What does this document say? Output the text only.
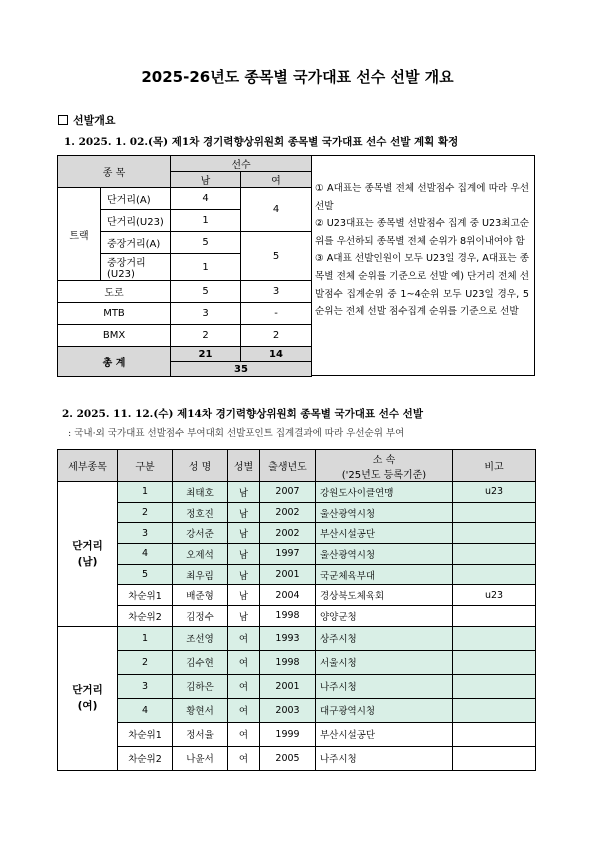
2025-26년도 종목별 국가대표 선수 선발 개요
선발개요
1. 2025. 1. 02.(목) 제1차 경기력향상위원회 종목별 국가대표 선수 선발 계획 확정
종 목		선수	
		남	여
트랙	단거리(A)	4	4
	단거리(U23)	1	
	중장거리(A)	5	5
	중장거리(U23)	1	
도로		5	3
MTB		3	-
BMX		2	2
총 계		21	14
		35	

① A대표는 종목별 전체 선발점수 집계에 따라 우선 선발

② U23대표는 종목별 선발점수 집계 중 U23최고순위를 우선하되 종목별 전체 순위가 8위이내여야 함

③ A대표 선발인원이 모두 U23일 경우, A대표는 종목별 전체 순위를 기준으로 선발 예) 단거리 전체 선발점수 집계순위 중 1~4순위 모두 U23일 경우, 5순위는 전체 선발 점수집계 순위를 기준으로 선발

2. 2025. 11. 12.(수) 제14차 경기력향상위원회 종목별 국가대표 선수 선발
: 국내·외 국가대표 선발점수 부여대회 선발포인트 집계결과에 따라 우선순위 부여
세부종목	구분	성 명	성별	출생년도	소 속
('25년도 등록기준)	비고

단거리
(남)	1	최태호	남	2007	강원도사이클연맹	u23
	2	정호진	남	2002	울산광역시청	
	3	강서준	남	2002	부산시설공단	
	4	오제석	남	1997	울산광역시청	
	5	최우림	남	2001	국군체육부대	
	차순위1	배준형	남	2004	경상북도체육회	u23
	차순위2	김정수	남	1998	양양군청	

단거리
(여)	1	조선영	여	1993	상주시청	
	2	김수현	여	1998	서울시청	
	3	김하은	여	2001	나주시청	
	4	황현서	여	2003	대구광역시청	
	차순위1	정서율	여	1999	부산시설공단	
	차순위2	나윤서	여	2005	나주시청	
